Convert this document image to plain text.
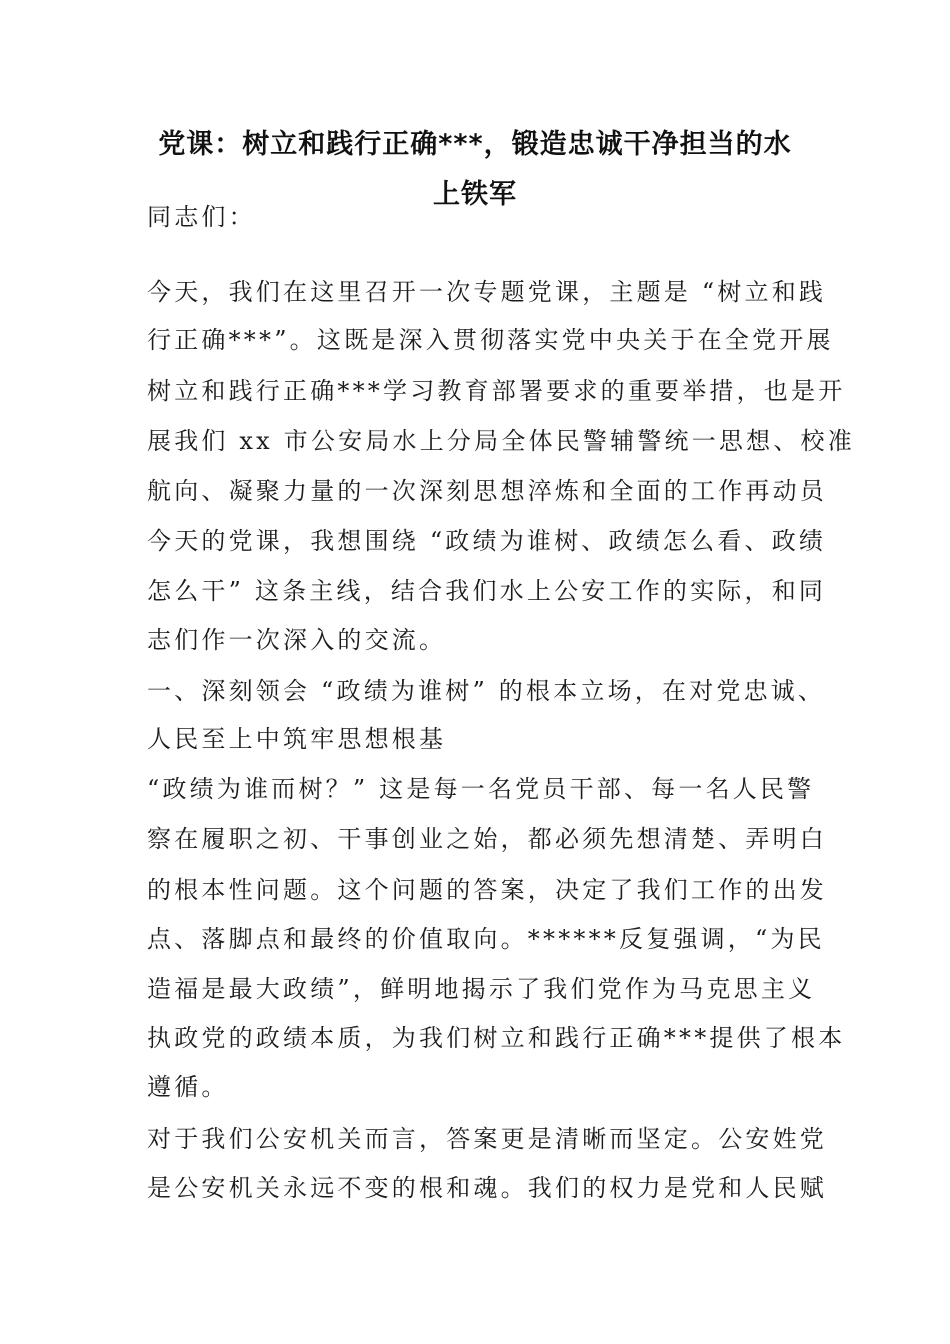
党课：树立和践行正确***，锻造忠诚干净担当的水
上铁军
同志们：
今天，我们在这里召开一次专题党课，主题是 “树立和践
行正确***”。这既是深入贯彻落实党中央关于在全党开展
树立和践行正确***学习教育部署要求的重要举措，也是开
展我们 xx 市公安局水上分局全体民警辅警统一思想、校准
航向、凝聚力量的一次深刻思想淬炼和全面的工作再动员
今天的党课，我想围绕 “政绩为谁树、政绩怎么看、政绩
怎么干” 这条主线，结合我们水上公安工作的实际，和同
志们作一次深入的交流。
一、深刻领会 “政绩为谁树” 的根本立场，在对党忠诚、
人民至上中筑牢思想根基
“政绩为谁而树？” 这是每一名党员干部、每一名人民警
察在履职之初、干事创业之始，都必须先想清楚、弄明白
的根本性问题。这个问题的答案，决定了我们工作的出发
点、落脚点和最终的价值取向。******反复强调，“为民
造福是最大政绩”，鲜明地揭示了我们党作为马克思主义
执政党的政绩本质，为我们树立和践行正确***提供了根本
遵循。
对于我们公安机关而言，答案更是清晰而坚定。公安姓党
是公安机关永远不变的根和魂。我们的权力是党和人民赋
